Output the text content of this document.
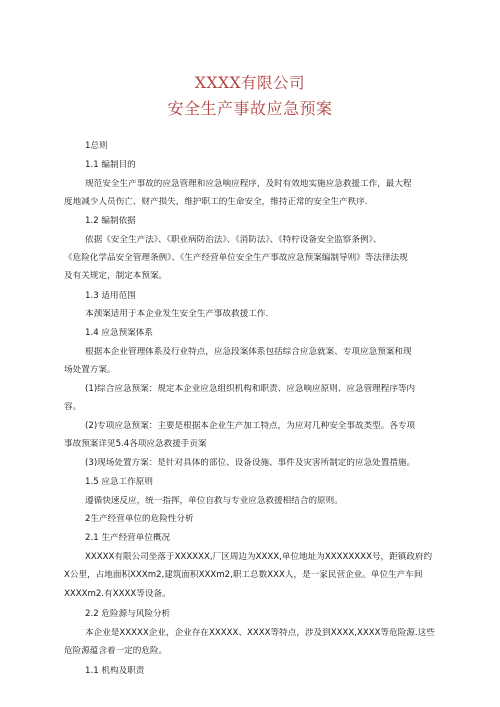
XXXX有限公司
安全生产事故应急预案
1总则
1.1 编制目的
规范安全生产事故的应急管理和应急响应程序，及时有效地实施应急救援工作，最大程
度地减少人员伤亡、财产损失，维护职工的生命安全，维持正常的安全生产秩序.
1.2 编制依据
依据《安全生产法》、《职业病防治法》、《消防法》、《特柠设备安全监察条例》、
《危险化学品安全管理条例》、《生产经营单位安全生产事故应急预案编制导则》等法律法规
及有关规定，制定本预案。
1.3 适用范围
本颈案适用于本企业发生安全生产事故救援工作.
1.4 应急预案体系
根据本企业管理体系及行业特点，应急段案体系包括综合应急就案、专项应急预案和现
场处置方案。
(1)综合应急预案：规定本企业应急组织机构和职责、应急响应原则、应急管理程序等内
容。
(2)专项应急预案：主要是根据本企业生产加工特点，为应对几种安全事故类型。各专项
事故预案详见5.4各项应急救援手贡案
(3)现场处置方案：是针对具体的部位、设备设施、事件及灾害所制定的应急处置措施。
1.5 应急工作原则
遵循快速反应，统一指挥，单位自救与专业应急救援相结合的原则。
2生产经营单位的危险性分析
2.1 生产经营单位概况
XXXXX有限公司坐落于XXXXXX,厂区周边为XXXX,单位地址为XXXXXXXX号，距镇政府约
X公里，占地面积XXXm2,建筑面积XXXm2,职工总数XXX人，是一家民营企业。单位生产车间
XXXXm2.有XXXX等设备。
2.2 危险源与风险分析
本企业是XXXXX企业，企业存在XXXXX、XXXX等特点，涉及到XXXX,XXXX等危险源.这些
危险源蕴含着一定的危险。
1.1 机构及职责
